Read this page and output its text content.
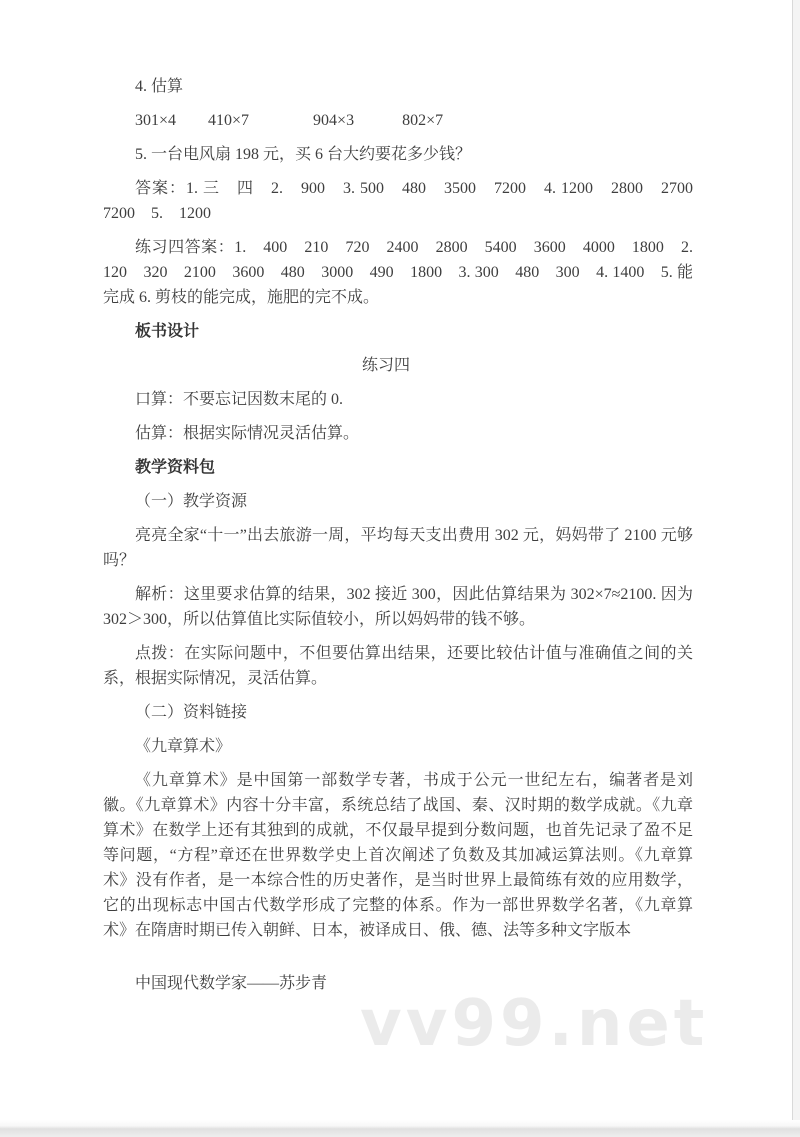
4. 估算

301×4　　410×7　　　　904×3　　　802×7

5. 一台电风扇 198 元，买 6 台大约要花多少钱？

答案：1. 三　四　2.　900　3. 500　480　3500　7200　4. 1200　2800　2700　7200　5.　1200

练习四答案：1.　400　210　720　2400　2800　5400　3600　4000　1800　2. 120　320　2100　3600　480　3000　490　1800　3. 300　480　300　4. 1400　5. 能完成 6. 剪枝的能完成，施肥的完不成。

板书设计

练习四

口算：不要忘记因数末尾的 0.

估算：根据实际情况灵活估算。

教学资料包

（一）教学资源

亮亮全家“十一”出去旅游一周，平均每天支出费用 302 元，妈妈带了 2100 元够吗？

解析：这里要求估算的结果，302 接近 300，因此估算结果为 302×7≈2100. 因为 302＞300，所以估算值比实际值较小，所以妈妈带的钱不够。

点拨：在实际问题中，不但要估算出结果，还要比较估计值与准确值之间的关系，根据实际情况，灵活估算。

（二）资料链接

《九章算术》

《九章算术》是中国第一部数学专著，书成于公元一世纪左右，编著者是刘徽。《九章算术》内容十分丰富，系统总结了战国、秦、汉时期的数学成就。《九章算术》在数学上还有其独到的成就，不仅最早提到分数问题，也首先记录了盈不足等问题，“方程”章还在世界数学史上首次阐述了负数及其加减运算法则。《九章算术》没有作者，是一本综合性的历史著作，是当时世界上最简练有效的应用数学，它的出现标志中国古代数学形成了完整的体系。作为一部世界数学名著，《九章算术》在隋唐时期已传入朝鲜、日本，被译成日、俄、德、法等多种文字版本

中国现代数学家——苏步青

vv99.net
